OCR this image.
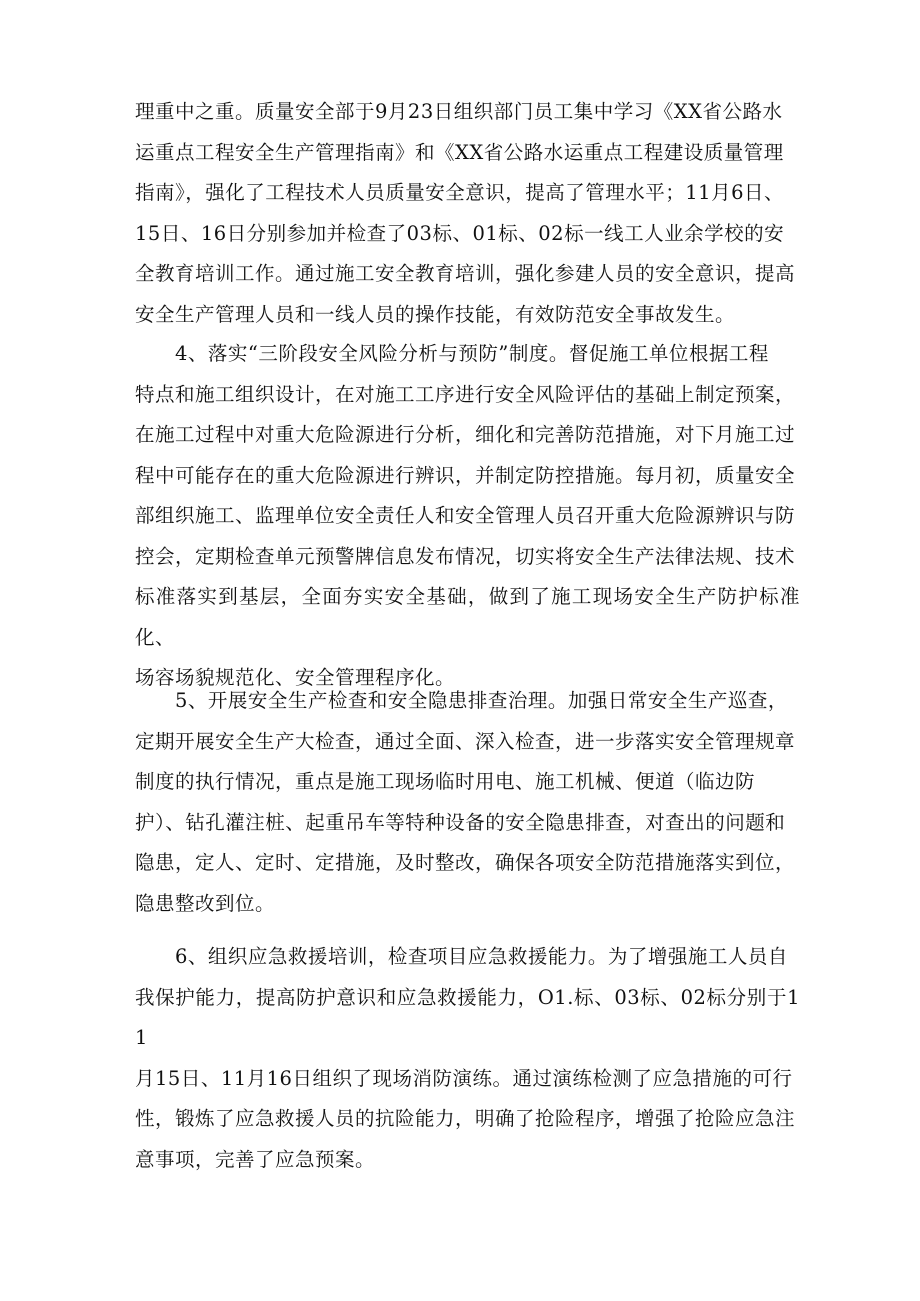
理重中之重。质量安全部于9月23日组织部门员工集中学习《XX省公路水
运重点工程安全生产管理指南》和《XX省公路水运重点工程建设质量管理
指南》，强化了工程技术人员质量安全意识，提高了管理水平；11月6日、
15日、16日分别参加并检查了03标、01标、02标一线工人业余学校的安
全教育培训工作。通过施工安全教育培训，强化参建人员的安全意识，提高
安全生产管理人员和一线人员的操作技能，有效防范安全事故发生。
4、落实“三阶段安全风险分析与预防”制度。督促施工单位根据工程
特点和施工组织设计，在对施工工序进行安全风险评估的基础上制定预案，
在施工过程中对重大危险源进行分析，细化和完善防范措施，对下月施工过
程中可能存在的重大危险源进行辨识，并制定防控措施。每月初，质量安全
部组织施工、监理单位安全责任人和安全管理人员召开重大危险源辨识与防
控会，定期检查单元预警牌信息发布情况，切实将安全生产法律法规、技术
标准落实到基层，全面夯实安全基础，做到了施工现场安全生产防护标准化、
场容场貌规范化、安全管理程序化。
5、开展安全生产检查和安全隐患排查治理。加强日常安全生产巡查，
定期开展安全生产大检查，通过全面、深入检查，进一步落实安全管理规章
制度的执行情况，重点是施工现场临时用电、施工机械、便道（临边防
护）、钻孔灌注桩、起重吊车等特种设备的安全隐患排查，对查出的问题和
隐患，定人、定时、定措施，及时整改，确保各项安全防范措施落实到位，
隐患整改到位。
6、组织应急救援培训，检查项目应急救援能力。为了增强施工人员自
我保护能力，提高防护意识和应急救援能力，O1.标、03标、02标分别于11
月15日、11月16日组织了现场消防演练。通过演练检测了应急措施的可行
性，锻炼了应急救援人员的抗险能力，明确了抢险程序，增强了抢险应急注
意事项，完善了应急预案。
